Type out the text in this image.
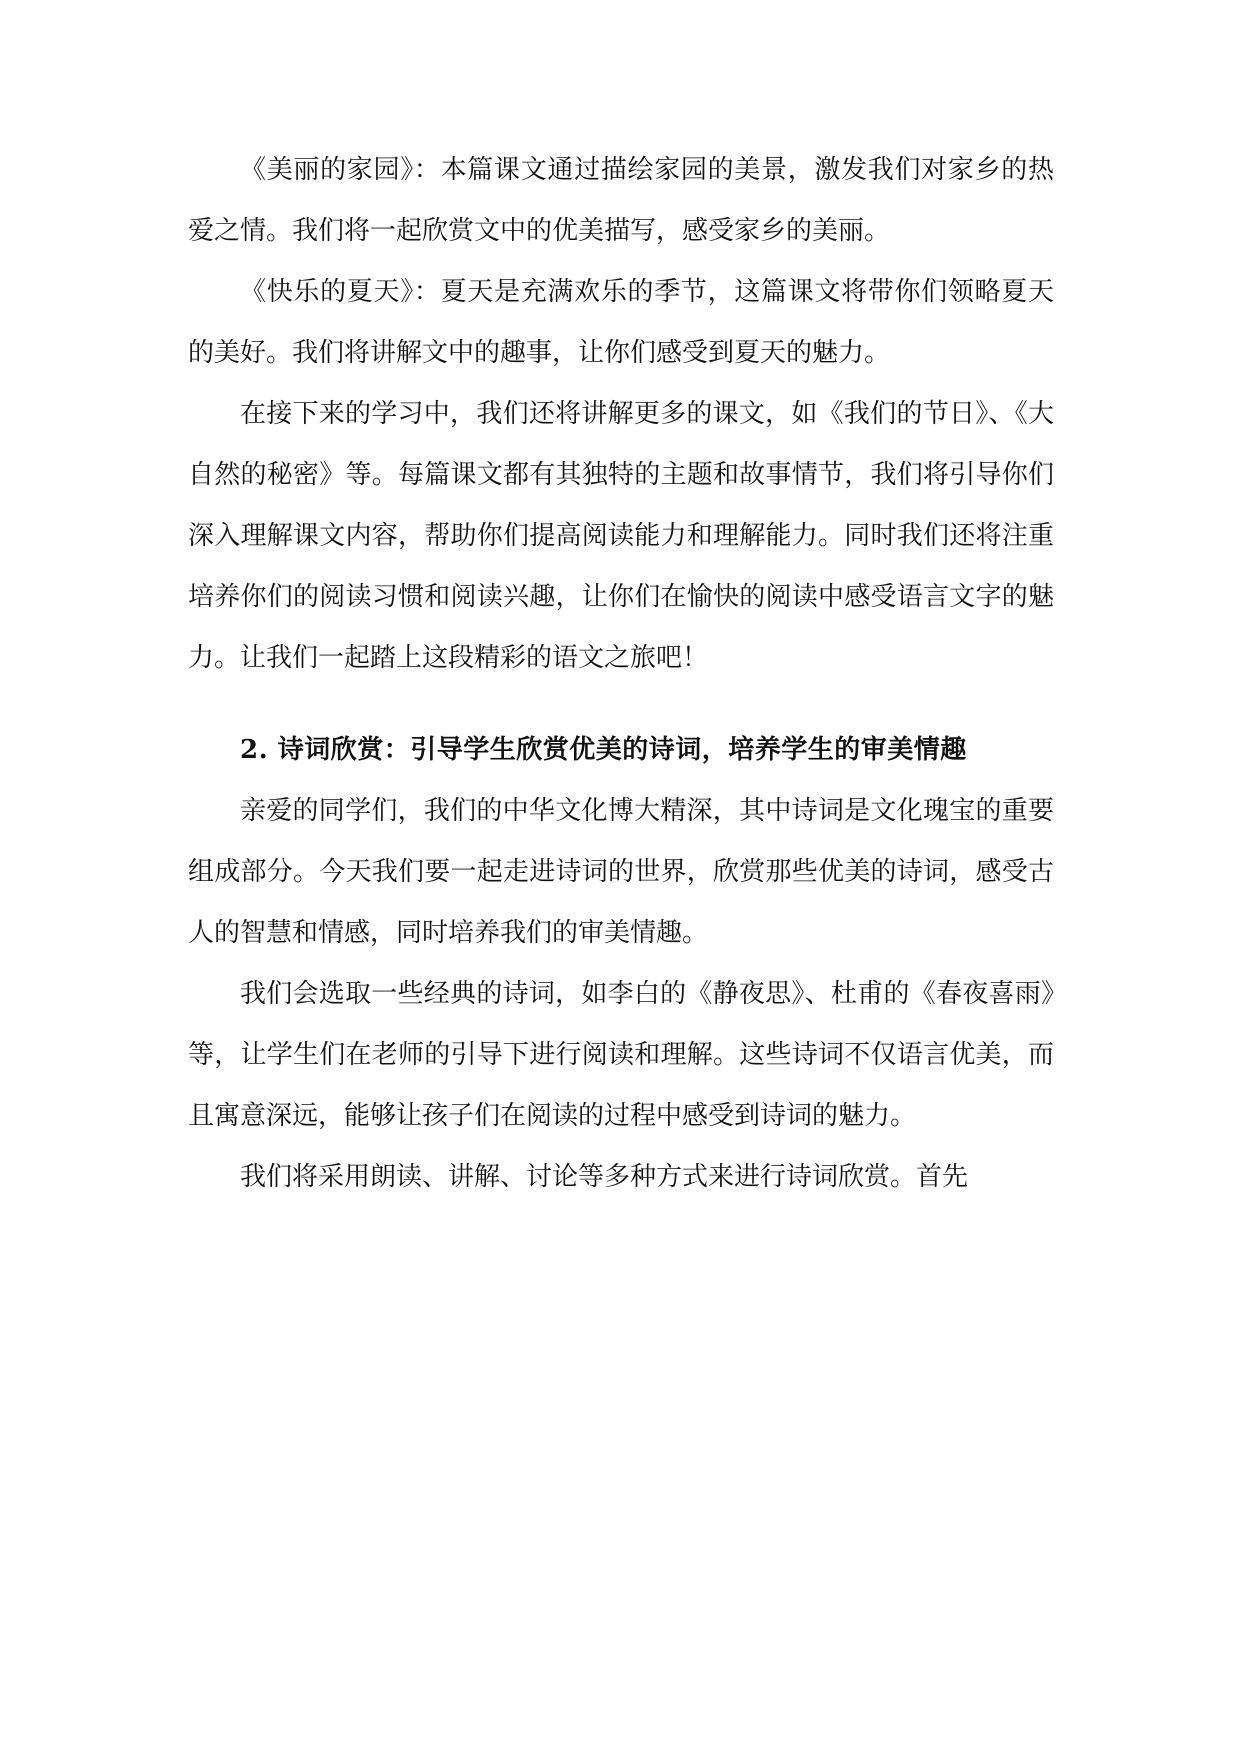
《美丽的家园》：本篇课文通过描绘家园的美景，激发我们对家乡的热爱之情。我们将一起欣赏文中的优美描写，感受家乡的美丽。

《快乐的夏天》：夏天是充满欢乐的季节，这篇课文将带你们领略夏天的美好。我们将讲解文中的趣事，让你们感受到夏天的魅力。

在接下来的学习中，我们还将讲解更多的课文，如《我们的节日》、《大自然的秘密》等。每篇课文都有其独特的主题和故事情节，我们将引导你们深入理解课文内容，帮助你们提高阅读能力和理解能力。同时我们还将注重培养你们的阅读习惯和阅读兴趣，让你们在愉快的阅读中感受语言文字的魅力。让我们一起踏上这段精彩的语文之旅吧！

2. 诗词欣赏：引导学生欣赏优美的诗词，培养学生的审美情趣

亲爱的同学们，我们的中华文化博大精深，其中诗词是文化瑰宝的重要组成部分。今天我们要一起走进诗词的世界，欣赏那些优美的诗词，感受古人的智慧和情感，同时培养我们的审美情趣。

我们会选取一些经典的诗词，如李白的《静夜思》、杜甫的《春夜喜雨》等，让学生们在老师的引导下进行阅读和理解。这些诗词不仅语言优美，而且寓意深远，能够让孩子们在阅读的过程中感受到诗词的魅力。

我们将采用朗读、讲解、讨论等多种方式来进行诗词欣赏。首先
